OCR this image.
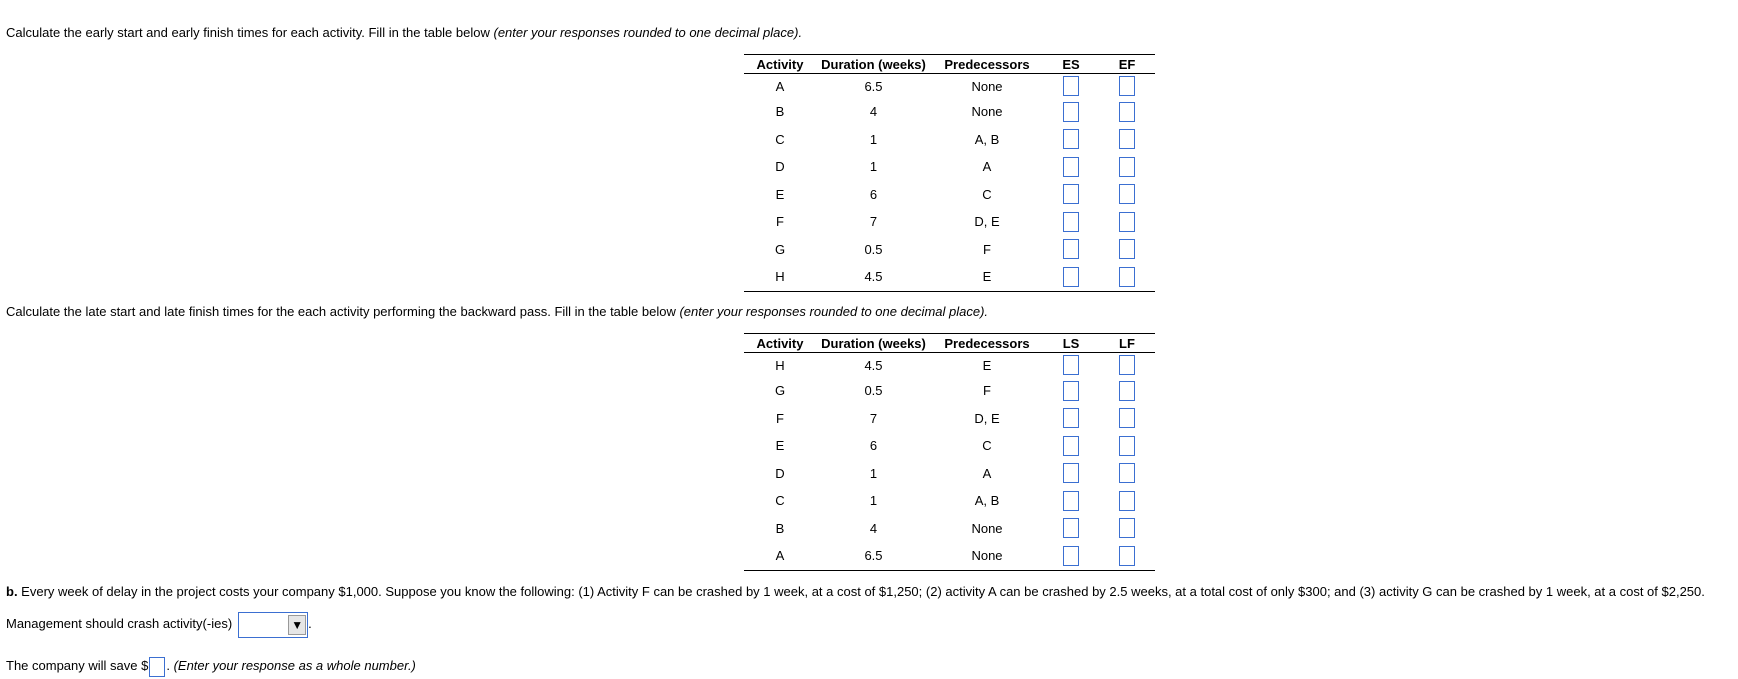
Calculate the early start and early finish times for each activity. Fill in the table below (enter your responses rounded to one decimal place).
Activity	Duration (weeks)	Predecessors	ES	EF
A	6.5	None		
B	4	None		
C	1	A, B		
D	1	A		
E	6	C		
F	7	D, E		
G	0.5	F		
H	4.5	E		
Calculate the late start and late finish times for the each activity performing the backward pass. Fill in the table below (enter your responses rounded to one decimal place).
Activity	Duration (weeks)	Predecessors	LS	LF
H	4.5	E		
G	0.5	F		
F	7	D, E		
E	6	C		
D	1	A		
C	1	A, B		
B	4	None		
A	6.5	None		
b. Every week of delay in the project costs your company $1,000. Suppose you know the following: (1) Activity F can be crashed by 1 week, at a cost of $1,250; (2) activity A can be crashed by 2.5 weeks, at a total cost of only $300; and (3) activity G can be crashed by 1 week, at a cost of $2,250.
Management should crash activity(-ies)	▼ .
The company will save $ . (Enter your response as a whole number.)
